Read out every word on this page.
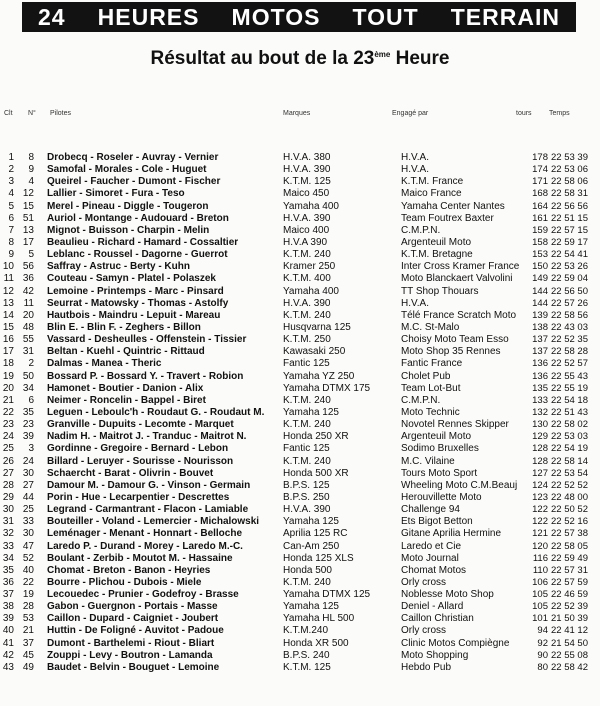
24 HEURES MOTOS TOUT TERRAIN
Résultat au bout de la 23ème Heure
Clt N° Pilotes	Marques	Engagé par	tours Temps
1	8 Drobecq - Roseler - Auvray - Vernier	H.V.A. 380	H.V.A.	178 22 53 39
2	9 Samofal - Morales - Cole - Huguet	H.V.A. 390	H.V.A.	174 22 53 06
3	4 Queirel - Faucher - Dumont - Fischer	K.T.M. 125	K.T.M. France	171 22 58 06
4 12 Lallier - Simoret - Fura - Teso	Maico 450	Maico France	168 22 58 31
5 15 Merel - Pineau - Diggle - Tougeron	Yamaha 400	Yamaha Center Nantes	164 22 56 56
6 51 Auriol - Montange - Audouard - Breton	H.V.A. 390	Team Foutrex Baxter	161 22 51 15
7 13 Mignot - Buisson - Charpin - Melin	Maico 400	C.M.P.N.	159 22 57 15
8 17 Beaulieu - Richard - Hamard - Cossaltier	H.V.A 390	Argenteuil Moto	158 22 59 17
9	5 Leblanc - Roussel - Dagorne - Guerrot	K.T.M. 240	K.T.M. Bretagne	153 22 54 41
10 56 Saffray - Astruc - Berty - Kuhn	Kramer 250	Inter Cross Kramer France	150 22 53 26
11 36 Couteau - Samyn - Platel - Polaszek	K.T.M. 400	Moto Blanckaert Valvolini	149 22 59 04
12 42 Lemoine - Printemps - Marc - Pinsard	Yamaha 400	TT Shop Thouars	144 22 56 50
13 11 Seurrat - Matowsky - Thomas - Astolfy	H.V.A. 390	H.V.A.	144 22 57 26
14 20 Hautbois - Maindru - Lepuit - Mareau	K.T.M. 240	Télé France Scratch Moto	139 22 58 56
15 48 Blin E. - Blin F. - Zeghers - Billon	Husqvarna 125	M.C. St-Malo	138 22 43 03
16 55 Vassard - Desheulles - Offenstein - Tissier	K.T.M. 250	Choisy Moto Team Esso	137 22 52 35
17 31 Beltan - Kuehl - Quintric - Rittaud	Kawasaki 250	Moto Shop 35 Rennes	137 22 58 28
18	2 Dalmas - Manea - Theric	Fantic 125	Fantic France	136 22 52 57
19 50 Bossard P. - Bossard Y. - Travert - Robion	Yamaha YZ 250	Cholet Pub	136 22 55 43
20 34 Hamonet - Boutier - Danion - Alix	Yamaha DTMX 175	Team Lot-But	135 22 55 19
21	6 Neimer - Roncelin - Bappel - Biret	K.T.M. 240	C.M.P.N.	133 22 54 18
22 35 Leguen - Leboulc'h - Roudaut G. - Roudaut M. Yamaha 125	Moto Technic	132 22 51 43
23 23 Granville - Dupuits - Lecomte - Marquet	K.T.M. 240	Novotel Rennes Skipper	130 22 58 02
24 39 Nadim H. - Maitrot J. - Tranduc - Maitrot N.	Honda 250 XR	Argenteuil Moto	129 22 53 03
25	3 Gordinne - Gregoire - Bernard - Lebon	Fantic 125	Sodimo Bruxelles	128 22 54 19
26 24 Billard - Leruyer - Sourisse - Nourisson	K.T.M. 240	M.C. Vilaine	128 22 58 14
27 30 Schaercht - Barat - Olivrin - Bouvet	Honda 500 XR	Tours Moto Sport	127 22 53 54
28 27 Damour M. - Damour G. - Vinson - Germain	B.P.S. 125	Wheeling Moto C.M.Beauj	124 22 52 52
29 44 Porin - Hue - Lecarpentier - Descrettes	B.P.S. 250	Herouvillette Moto	123 22 48 00
30 25 Legrand - Carmantrant - Flacon - Lamiable	H.V.A. 390	Challenge 94	122 22 50 52
31 33 Bouteiller - Voland - Lemercier - Michalowski Yamaha 125	Ets Bigot Betton	122 22 52 16
32 30 Leménager - Menant - Honnart - Belloche	Aprilia 125 RC	Gitane Aprilia Hermine	121 22 57 38
33 47 Laredo P. - Durand - Morey - Laredo M.-C.	Can-Am 250	Laredo et Cie	120 22 58 05
34 52 Boulant - Zerbib - Moutot M. - Hassaine	Honda 125 XLS	Moto Journal	116 22 59 49
35 40 Chomat - Breton - Banon - Heyries	Honda 500	Chomat Motos	110 22 57 31
36 22 Bourre - Plichou - Dubois - Miele	K.T.M. 240	Orly cross	106 22 57 59
37 19 Lecouedec - Prunier - Godefroy - Brasse	Yamaha DTMX 125	Noblesse Moto Shop	105 22 46 59
38 28 Gabon - Guergnon - Portais - Masse	Yamaha 125	Deniel - Allard	105 22 52 39
39 53 Caillon - Dupard - Caigniet - Joubert	Yamaha HL 500	Caillon Christian	101 21 50 39
40 21 Huttin - De Foligné - Auvitot - Padoue	K.T.M.240	Orly cross	94 22 41 12
41 37 Dumont - Barthelemi - Riout - Bliart	Honda XR 500	Clinic Motos Compiègne	92 21 54 50
42 45 Zouppi - Levy - Boutron - Lamanda	B.P.S. 240	Moto Shopping	90 22 55 08
43 49 Baudet - Belvin - Bouguet - Lemoine	K.T.M. 125	Hebdo Pub	80 22 58 42
